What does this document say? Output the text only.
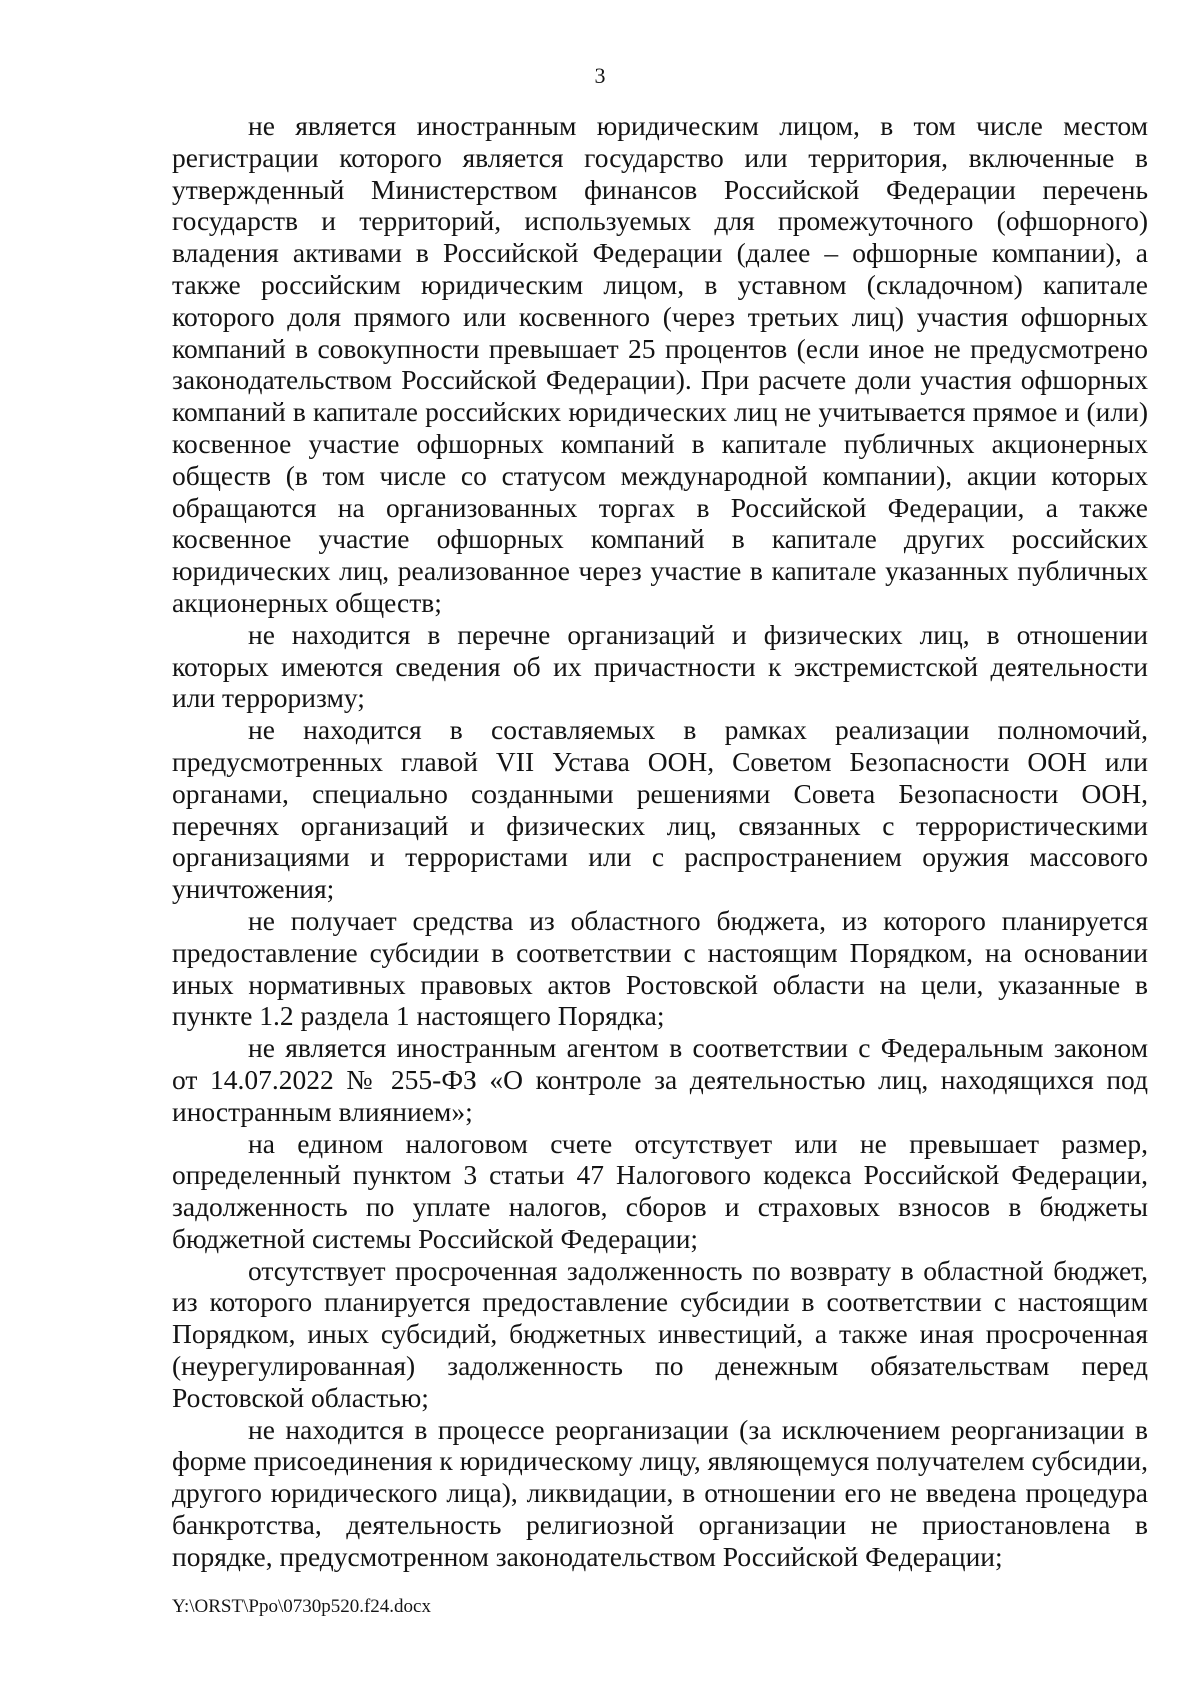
3

не является иностранным юридическим лицом, в том числе местом регистрации которого является государство или территория, включенные в утвержденный Министерством финансов Российской Федерации перечень государств и территорий, используемых для промежуточного (офшорного) владения активами в Российской Федерации (далее – офшорные компании), а также российским юридическим лицом, в уставном (складочном) капитале которого доля прямого или косвенного (через третьих лиц) участия офшорных компаний в совокупности превышает 25 процентов (если иное не предусмотрено законодательством Российской Федерации). При расчете доли участия офшорных компаний в капитале российских юридических лиц не учитывается прямое и (или) косвенное участие офшорных компаний в капитале публичных акционерных обществ (в том числе со статусом международной компании), акции которых обращаются на организованных торгах в Российской Федерации, а также косвенное участие офшорных компаний в капитале других российских юридических лиц, реализованное через участие в капитале указанных публичных акционерных обществ;

не находится в перечне организаций и физических лиц, в отношении которых имеются сведения об их причастности к экстремистской деятельности или терроризму;

не находится в составляемых в рамках реализации полномочий, предусмотренных главой VII Устава ООН, Советом Безопасности ООН или органами, специально созданными решениями Совета Безопасности ООН, перечнях организаций и физических лиц, связанных с террористическими организациями и террористами или с распространением оружия массового уничтожения;

не получает средства из областного бюджета, из которого планируется предоставление субсидии в соответствии с настоящим Порядком, на основании иных нормативных правовых актов Ростовской области на цели, указанные в пункте 1.2 раздела 1 настоящего Порядка;

не является иностранным агентом в соответствии с Федеральным законом от 14.07.2022 № 255-ФЗ «О контроле за деятельностью лиц, находящихся под иностранным влиянием»;

на едином налоговом счете отсутствует или не превышает размер, определенный пунктом 3 статьи 47 Налогового кодекса Российской Федерации, задолженность по уплате налогов, сборов и страховых взносов в бюджеты бюджетной системы Российской Федерации;

отсутствует просроченная задолженность по возврату в областной бюджет, из которого планируется предоставление субсидии в соответствии с настоящим Порядком, иных субсидий, бюджетных инвестиций, а также иная просроченная (неурегулированная) задолженность по денежным обязательствам перед Ростовской областью;

не находится в процессе реорганизации (за исключением реорганизации в форме присоединения к юридическому лицу, являющемуся получателем субсидии, другого юридического лица), ликвидации, в отношении его не введена процедура банкротства, деятельность религиозной организации не приостановлена в порядке, предусмотренном законодательством Российской Федерации;

Y:\ORST\Ppo\0730p520.f24.docx
